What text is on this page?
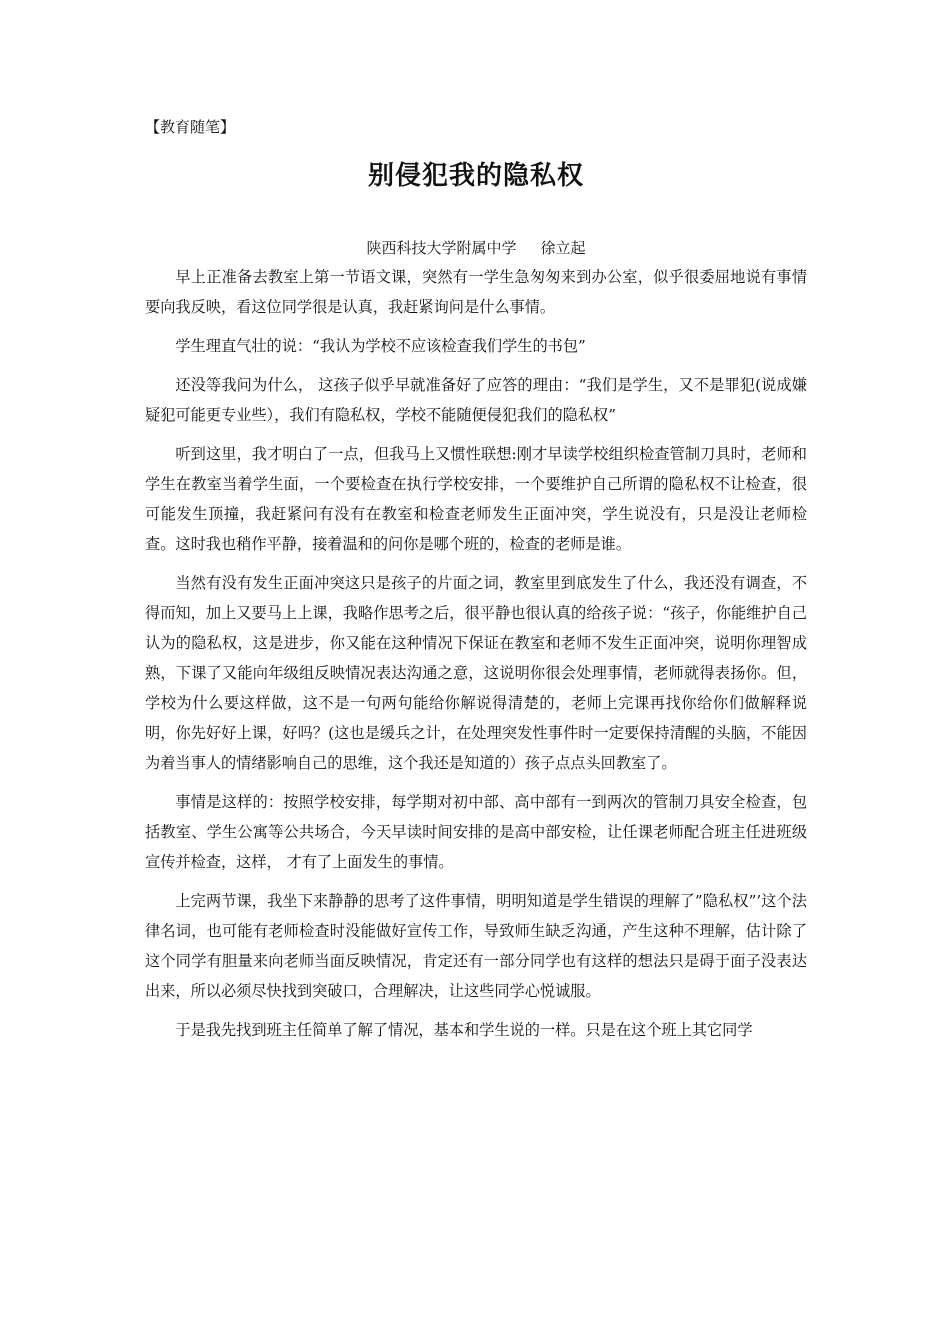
【教育随笔】
别侵犯我的隐私权
陕西科技大学附属中学 徐立起

早上正准备去教室上第一节语文课，突然有一学生急匆匆来到办公室，似乎很委屈地说有事情要向我反映，看这位同学很是认真，我赶紧询问是什么事情。

学生理直气壮的说：“我认为学校不应该检查我们学生的书包”

还没等我问为什么， 这孩子似乎早就准备好了应答的理由：“我们是学生，又不是罪犯(说成嫌疑犯可能更专业些），我们有隐私权，学校不能随便侵犯我们的隐私权”

听到这里，我才明白了一点，但我马上又惯性联想:刚才早读学校组织检查管制刀具时，老师和学生在教室当着学生面，一个要检查在执行学校安排，一个要维护自己所谓的隐私权不让检查，很可能发生顶撞，我赶紧问有没有在教室和检查老师发生正面冲突，学生说没有，只是没让老师检查。这时我也稍作平静，接着温和的问你是哪个班的，检查的老师是谁。

当然有没有发生正面冲突这只是孩子的片面之词，教室里到底发生了什么，我还没有调查，不得而知，加上又要马上上课，我略作思考之后，很平静也很认真的给孩子说：“孩子，你能维护自己认为的隐私权，这是进步，你又能在这种情况下保证在教室和老师不发生正面冲突，说明你理智成熟，下课了又能向年级组反映情况表达沟通之意，这说明你很会处理事情，老师就得表扬你。但，学校为什么要这样做，这不是一句两句能给你解说得清楚的，老师上完课再找你给你们做解释说明，你先好好上课，好吗？(这也是缓兵之计，在处理突发性事件时一定要保持清醒的头脑，不能因为着当事人的情绪影响自己的思维，这个我还是知道的）孩子点点头回教室了。

事情是这样的：按照学校安排，每学期对初中部、高中部有一到两次的管制刀具安全检查，包括教室、学生公寓等公共场合，今天早读时间安排的是高中部安检，让任课老师配合班主任进班级宣传并检查，这样， 才有了上面发生的事情。

上完两节课，我坐下来静静的思考了这件事情，明明知道是学生错误的理解了”隐私权”’这个法律名词，也可能有老师检查时没能做好宣传工作，导致师生缺乏沟通，产生这种不理解，估计除了这个同学有胆量来向老师当面反映情况，肯定还有一部分同学也有这样的想法只是碍于面子没表达出来，所以必须尽快找到突破口，合理解决，让这些同学心悦诚服。

于是我先找到班主任简单了解了情况，基本和学生说的一样。只是在这个班上其它同学
